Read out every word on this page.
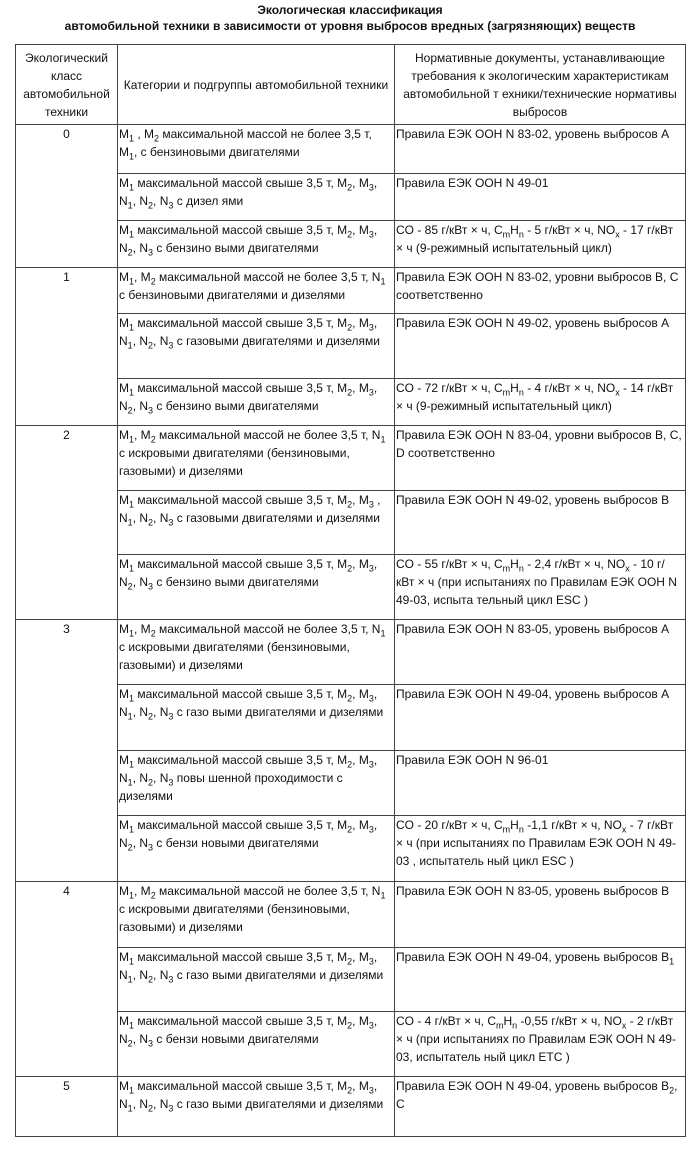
Экологическая классификация
автомобильной техники в зависимости от уровня выбросов вредных (загрязняющих) веществ
Экологический класс автомобильной техники	Категории и подгруппы автомобильной техники	Нормативные документы, устанавливающие требования к экологическим характеристикам автомобильной т ехники/технические нормативы выбросов
0	$M_1$ , $M_2$ максимальной массой не более 3,5 т, $M_1$, с бензиновыми двигателями	Правила ЕЭК ООН N 83-02, уровень выбросов А
	$M_1$ максимальной массой свыше 3,5 т, $M_2$, $M_3$, $N_1$, $N_2$, $N_3$ с дизел ями	Правила ЕЭК ООН N 49-01
	$M_1$ максимальной массой свыше 3,5 т, $M_2$, $M_3$, $N_2$, $N_3$ с бензино выми двигателями	CO - 85 г/кВт × ч, $C_mH_n - 5$ г/кВт × ч, $NO_x - 17$ г/кВт × ч (9-режимный испытательный цикл)
1	$M_1$, $M_2$ максимальной массой не более 3,5 т, $N_1$ с бензиновыми двигателями и дизелями	Правила ЕЭК ООН N 83-02, уровни выбросов B, C соответственно
	$M_1$ максимальной массой свыше 3,5 т, $M_2$, $M_3$, $N_1$, $N_2$, $N_3$ с газовыми двигателями и дизелями	Правила ЕЭК ООН N 49-02, уровень выбросов А
	$M_1$ максимальной массой свыше 3,5 т, $M_2$, $M_3$, $N_2$, $N_3$ с бензино выми двигателями	CO - 72 г/кВт × ч, $C_mH_n - 4$ г/кВт × ч, $NO_x - 14$ г/кВт × ч (9-режимный испытательный цикл)
2	$M_1$, $M_2$ максимальной массой не более 3,5 т, $N_1$ с искровыми двигателями (бензиновыми, газовыми) и дизелями	Правила ЕЭК ООН N 83-04, уровни выбросов B, C, D соответственно
	$M_1$ максимальной массой свыше 3,5 т, $M_2$, $M_3$ , $N_1$, $N_2$, $N_3$ с газовыми двигателями и дизелями	Правила ЕЭК ООН N 49-02, уровень выбросов В
	$M_1$ максимальной массой свыше 3,5 т, $M_2$, $M_3$, $N_2$, $N_3$ с бензино выми двигателями	CO - 55 г/кВт × ч, $C_mH_n - 2,4$ г/кВт × ч, $NO_x - 10$ г/кВт × ч (при испытаниях по Правилам ЕЭК ООН N 49-03, испыта тельный цикл ESC )
3	$M_1$, $M_2$ максимальной массой не более 3,5 т, $N_1$ с искровыми двигателями (бензиновыми, газовыми) и дизелями	Правила ЕЭК ООН N 83-05, уровень выбросов А
	$M_1$ максимальной массой свыше 3,5 т, $M_2$, $M_3$, $N_1$, $N_2$, $N_3$ с газо выми двигателями и дизелями	Правила ЕЭК ООН N 49-04, уровень выбросов А
	$M_1$ максимальной массой свыше 3,5 т, $M_2$, $M_3$, $N_1$, $N_2$, $N_3$ повы шенной проходимости с дизелями	Правила ЕЭК ООН N 96-01
	$M_1$ максимальной массой свыше 3,5 т, $M_2$, $M_3$, $N_2$, $N_3$ с бензи новыми двигателями	CO - 20 г/кВт × ч, $C_mH_n$ -1,1 г/кВт × ч, $NO_x - 7$ г/кВт × ч (при испытаниях по Правилам ЕЭК ООН N 49-03 , испытатель ный цикл ESC )
4	$M_1$, $M_2$ максимальной массой не более 3,5 т, $N_1$ с искровыми двигателями (бензиновыми, газовыми) и дизелями	Правила ЕЭК ООН N 83-05, уровень выбросов В
	$M_1$ максимальной массой свыше 3,5 т, $M_2$, $M_3$, $N_1$, $N_2$, $N_3$ с газо выми двигателями и дизелями	Правила ЕЭК ООН N 49-04, уровень выбросов $B_1$
	$M_1$ максимальной массой свыше 3,5 т, $M_2$, $M_3$, $N_2$, $N_3$ с бензи новыми двигателями	CO - 4 г/кВт × ч, $C_mH_n$ -0,55 г/кВт × ч, $NO_x - 2$ г/кВт × ч (при испытаниях по Правилам ЕЭК ООН N 49-03, испытатель ный цикл ETC )
5	$M_1$ максимальной массой свыше 3,5 т, $M_2$, $M_3$, $N_1$, $N_2$, $N_3$ с газо выми двигателями и дизелями	Правила ЕЭК ООН N 49-04, уровень выбросов $B_2$, C
